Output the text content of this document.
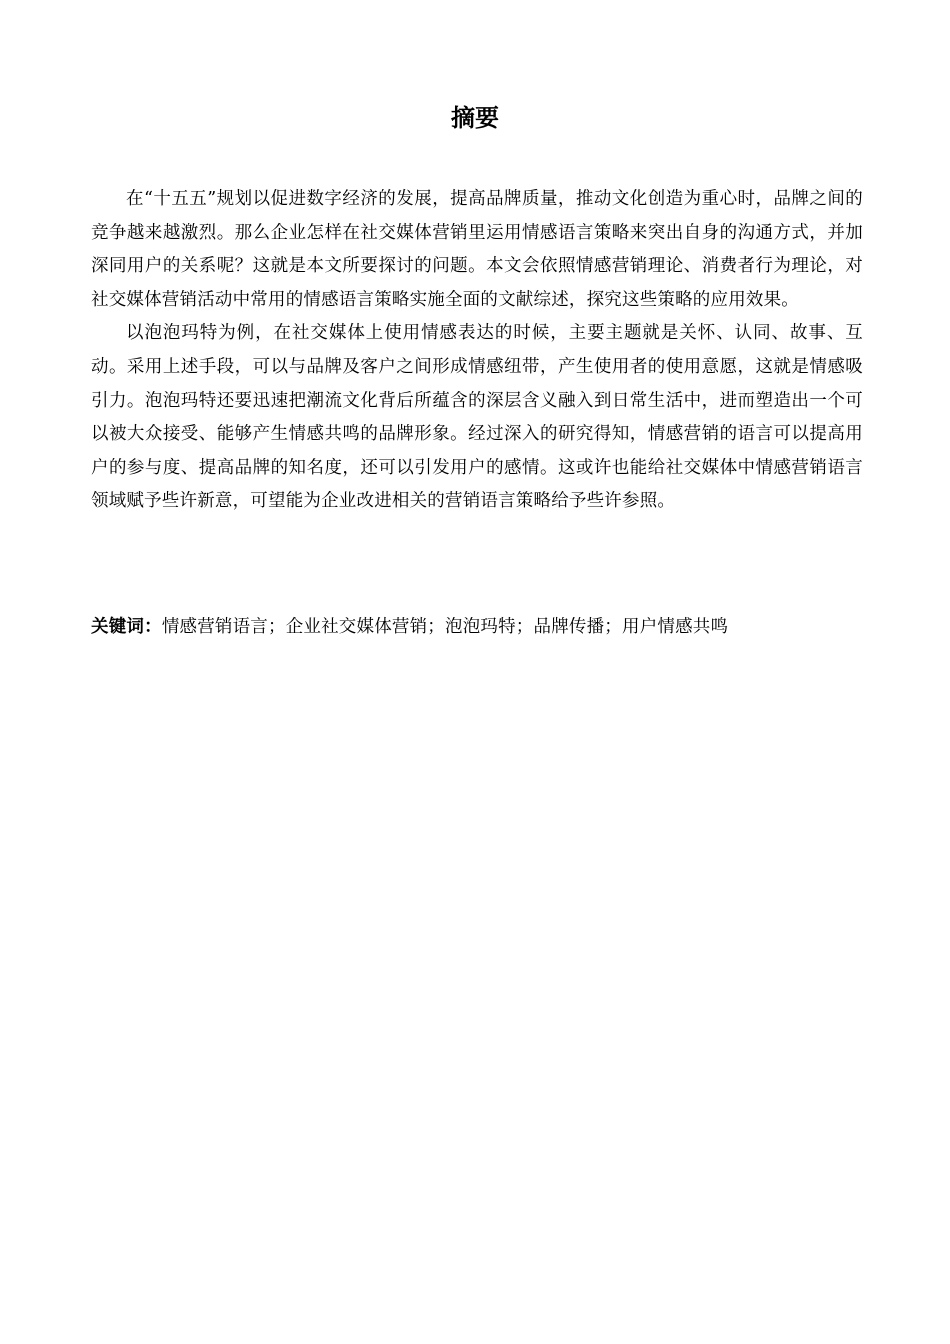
摘要

在“十五五”规划以促进数字经济的发展，提高品牌质量，推动文化创造为重心时，品牌之间的竞争越来越激烈。那么企业怎样在社交媒体营销里运用情感语言策略来突出自身的沟通方式，并加深同用户的关系呢？这就是本文所要探讨的问题。本文会依照情感营销理论、消费者行为理论，对社交媒体营销活动中常用的情感语言策略实施全面的文献综述，探究这些策略的应用效果。

以泡泡玛特为例，在社交媒体上使用情感表达的时候，主要主题就是关怀、认同、故事、互动。采用上述手段，可以与品牌及客户之间形成情感纽带，产生使用者的使用意愿，这就是情感吸引力。泡泡玛特还要迅速把潮流文化背后所蕴含的深层含义融入到日常生活中，进而塑造出一个可以被大众接受、能够产生情感共鸣的品牌形象。经过深入的研究得知，情感营销的语言可以提高用户的参与度、提高品牌的知名度，还可以引发用户的感情。这或许也能给社交媒体中情感营销语言领域赋予些许新意，可望能为企业改进相关的营销语言策略给予些许参照。

关键词：情感营销语言；企业社交媒体营销；泡泡玛特；品牌传播；用户情感共鸣
